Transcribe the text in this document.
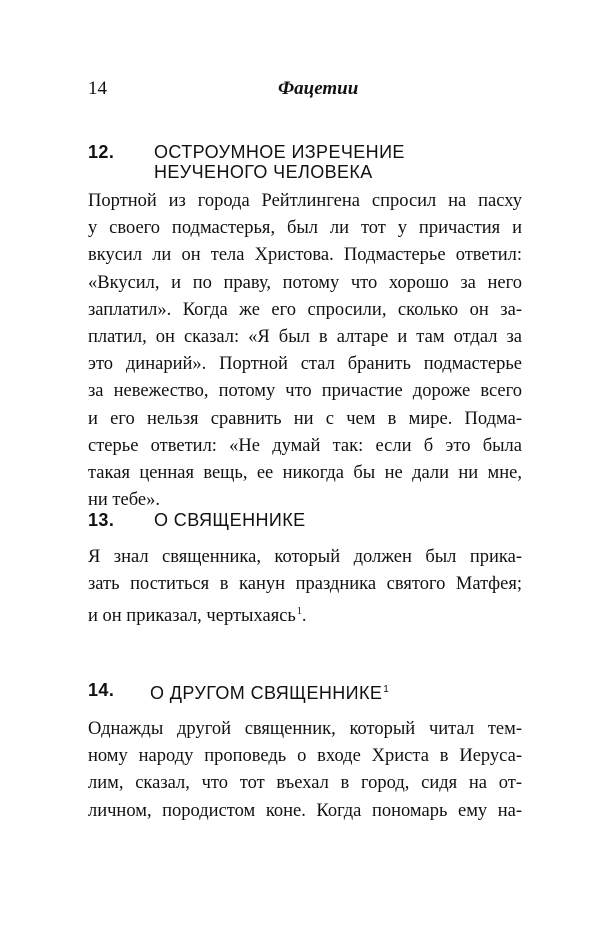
14	Фацетии
12. ОСТРОУМНОЕ ИЗРЕЧЕНИЕ
НЕУЧЕНОГО ЧЕЛОВЕКА
Портной из города Рейтлингена спросил на пасху
у своего подмастерья, был ли тот у причастия и
вкусил ли он тела Христова. Подмастерье ответил:
«Вкусил, и по праву, потому что хорошо за него
заплатил». Когда же его спросили, сколько он за-
платил, он сказал: «Я был в алтаре и там отдал за
это динарий». Портной стал бранить подмастерье
за невежество, потому что причастие дороже всего
и его нельзя сравнить ни с чем в мире. Подма-
стерье ответил: «Не думай так: если б это была
такая ценная вещь, ее никогда бы не дали ни мне,
ни тебе».
13. О СВЯЩЕННИКЕ
Я знал священника, который должен был прика-
зать поститься в канун праздника святого Матфея;
и он приказал, чертыхаясь$^1$.
14. О ДРУГОМ СВЯЩЕННИКЕ$^1$
Однажды другой священник, который читал тем-
ному народу проповедь о входе Христа в Иеруса-
лим, сказал, что тот въехал в город, сидя на от-
личном, породистом коне. Когда пономарь ему на-
